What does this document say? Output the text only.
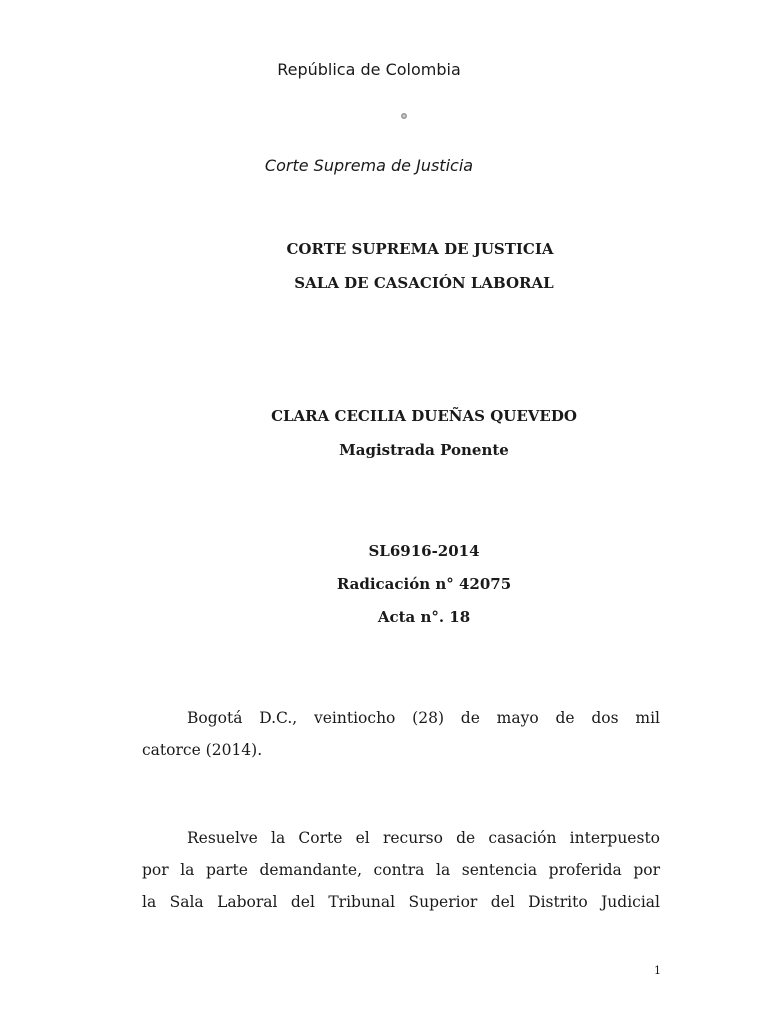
República de Colombia
Corte Suprema de Justicia
CORTE SUPREMA DE JUSTICIA
SALA DE CASACIÓN LABORAL
CLARA CECILIA DUEÑAS QUEVEDO
Magistrada Ponente
SL6916-2014
Radicación n° 42075
Acta n°. 18
Bogotá D.C., veintiocho (28) de mayo de dos mil
catorce (2014).
Resuelve la Corte el recurso de casación interpuesto
por la parte demandante, contra la sentencia proferida por
la Sala Laboral del Tribunal Superior del Distrito Judicial
1
